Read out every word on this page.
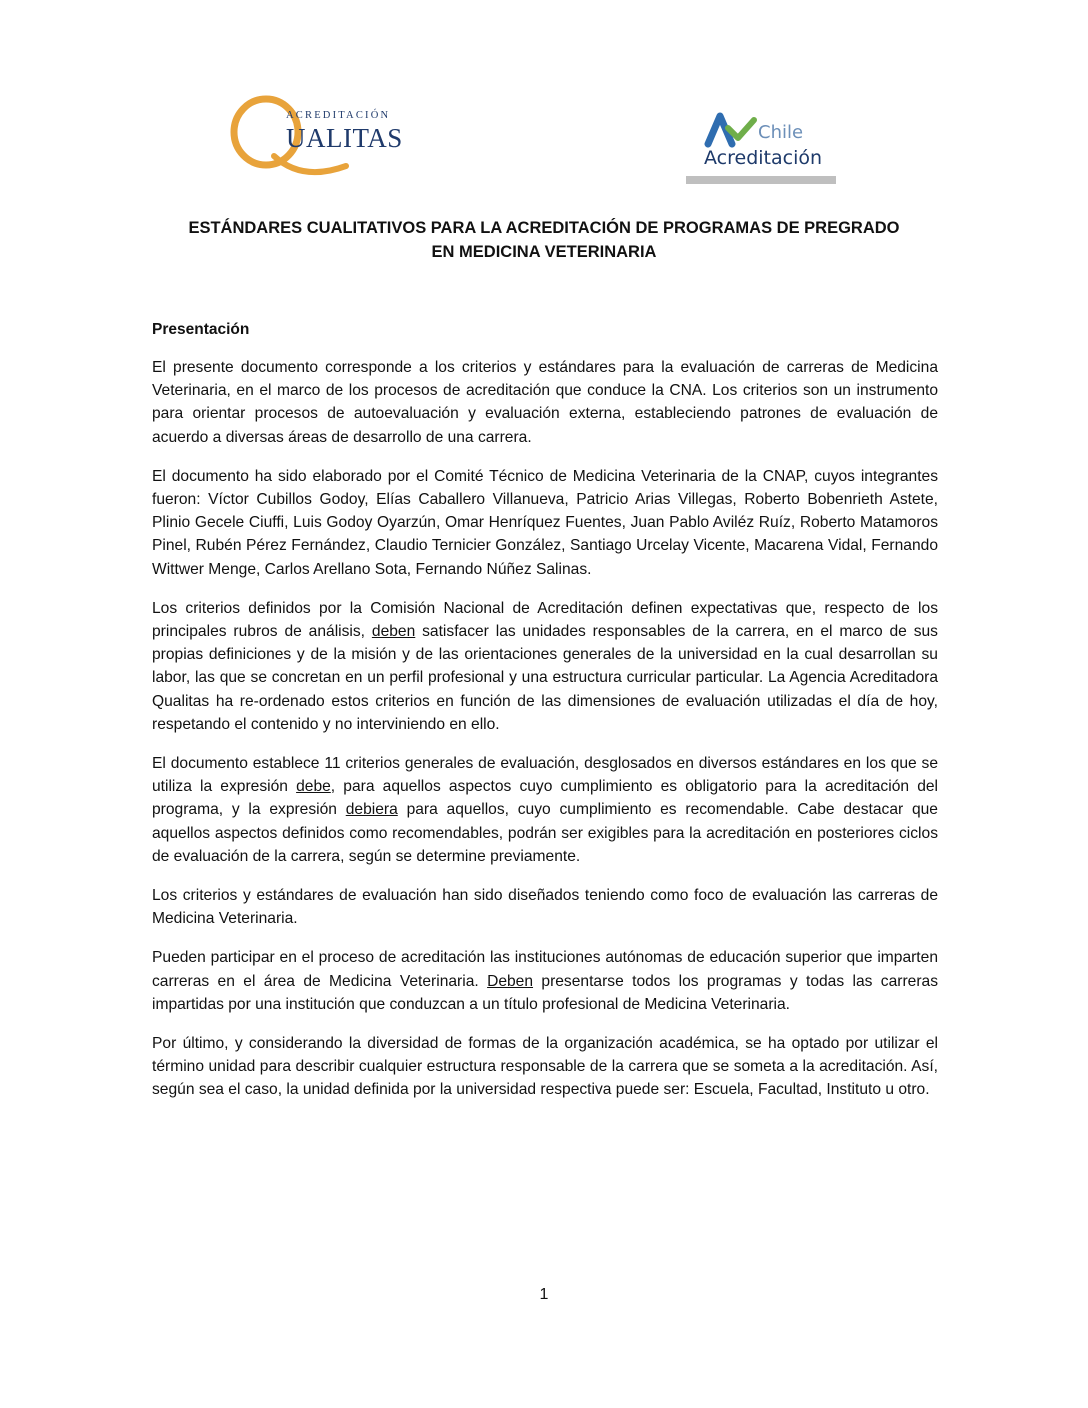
ACREDITACIÓN
UALITAS	Chile
Acreditación
ESTÁNDARES CUALITATIVOS PARA LA ACREDITACIÓN DE PROGRAMAS DE PREGRADO
EN MEDICINA VETERINARIA
Presentación

El presente documento corresponde a los criterios y estándares para la evaluación de carreras de Medicina Veterinaria, en el marco de los procesos de acreditación que conduce la CNA. Los criterios son un instrumento para orientar procesos de autoevaluación y evaluación externa, estableciendo patrones de evaluación de acuerdo a diversas áreas de desarrollo de una carrera.

El documento ha sido elaborado por el Comité Técnico de Medicina Veterinaria de la CNAP, cuyos integrantes fueron: Víctor Cubillos Godoy, Elías Caballero Villanueva, Patricio Arias Villegas, Roberto Bobenrieth Astete, Plinio Gecele Ciuffi, Luis Godoy Oyarzún, Omar Henríquez Fuentes, Juan Pablo Aviléz Ruíz, Roberto Matamoros Pinel, Rubén Pérez Fernández, Claudio Ternicier González, Santiago Urcelay Vicente, Macarena Vidal, Fernando Wittwer Menge, Carlos Arellano Sota, Fernando Núñez Salinas.

Los criterios definidos por la Comisión Nacional de Acreditación definen expectativas que, respecto de los principales rubros de análisis, deben satisfacer las unidades responsables de la carrera, en el marco de sus propias definiciones y de la misión y de las orientaciones generales de la universidad en la cual desarrollan su labor, las que se concretan en un perfil profesional y una estructura curricular particular. La Agencia Acreditadora Qualitas ha re-ordenado estos criterios en función de las dimensiones de evaluación utilizadas el día de hoy, respetando el contenido y no interviniendo en ello.

El documento establece 11 criterios generales de evaluación, desglosados en diversos estándares en los que se utiliza la expresión debe, para aquellos aspectos cuyo cumplimiento es obligatorio para la acreditación del programa, y la expresión debiera para aquellos, cuyo cumplimiento es recomendable. Cabe destacar que aquellos aspectos definidos como recomendables, podrán ser exigibles para la acreditación en posteriores ciclos de evaluación de la carrera, según se determine previamente.

Los criterios y estándares de evaluación han sido diseñados teniendo como foco de evaluación las carreras de Medicina Veterinaria.

Pueden participar en el proceso de acreditación las instituciones autónomas de educación superior que imparten carreras en el área de Medicina Veterinaria. Deben presentarse todos los programas y todas las carreras impartidas por una institución que conduzcan a un título profesional de Medicina Veterinaria.

Por último, y considerando la diversidad de formas de la organización académica, se ha optado por utilizar el término unidad para describir cualquier estructura responsable de la carrera que se someta a la acreditación. Así, según sea el caso, la unidad definida por la universidad respectiva puede ser: Escuela, Facultad, Instituto u otro.

1
